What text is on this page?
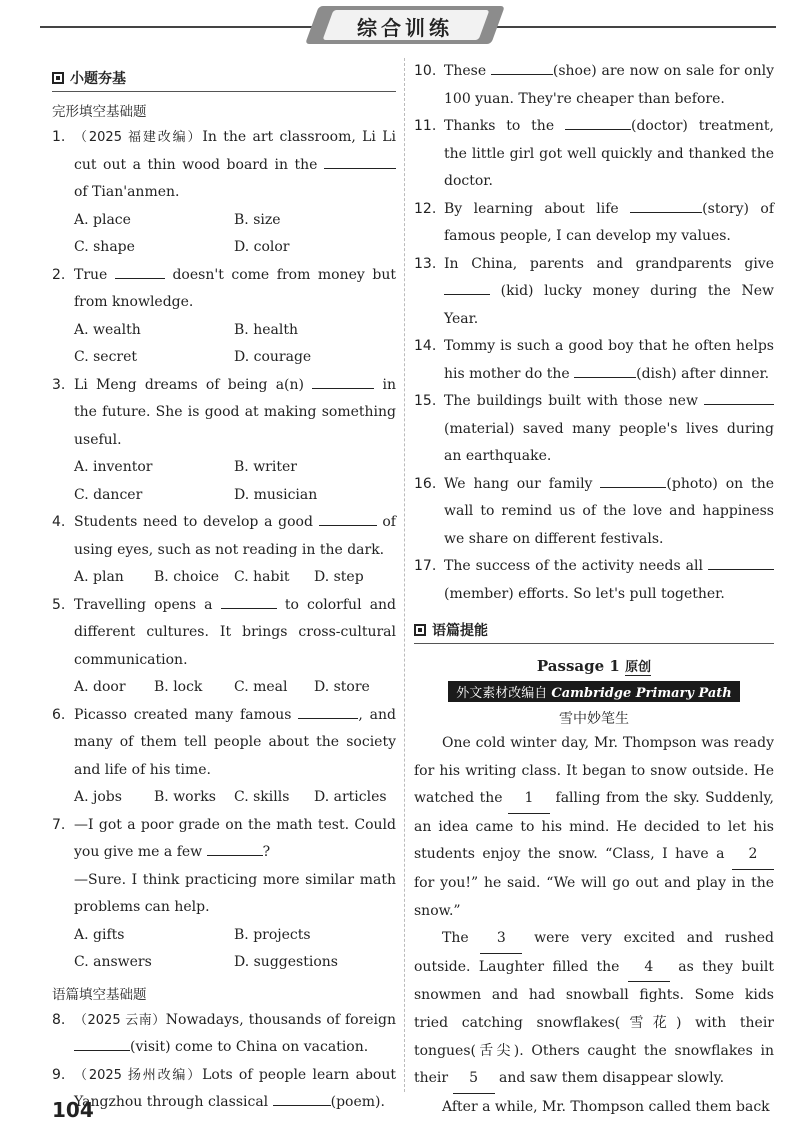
综合训练
小题夯基
完形填空基础题
1. （2025 福建改编）In the art classroom, Li Li cut out a thin wood board in the  of Tian'anmen.
A. place	B. size
C. shape	D. color
2. True	doesn't come from money but from knowledge.
A. wealth	B. health
C. secret	D. courage
3. Li Meng dreams of being a(n)	in the future. She is good at making something useful.
A. inventor	B. writer
C. dancer	D. musician
4. Students need to develop a good	of using eyes, such as not reading in the dark.
A. plan	B. choice	C. habit	D. step
5. Travelling opens a	to colorful and different cultures. It brings cross-cultural communication.
A. door	B. lock	C. meal	D. store
6. Picasso created many famous	, and many of them tell people about the society and life of his time.
A. jobs	B. works	C. skills	D. articles
7. —I got a poor grade on the math test. Could you give me a few	?
—Sure. I think practicing more similar math problems can help.
A. gifts	B. projects
C. answers	D. suggestions
语篇填空基础题
8. （2025 云南）Nowadays, thousands of foreign (visit) come to China on vacation.
9. （2025 扬州改编）Lots of people learn about Yangzhou through classical	(poem).
10. These	(shoe) are now on sale for only 100 yuan. They're cheaper than before.
11. Thanks to the	(doctor) treatment, the little girl got well quickly and thanked the doctor.
12. By learning about life	(story) of famous people, I can develop my values.
13. In China, parents and grandparents give  (kid) lucky money during the New Year.
14. Tommy is such a good boy that he often helps his mother do the	(dish) after dinner.
15. The buildings built with those new  (material) saved many people's lives during an earthquake.
16. We hang our family	(photo) on the wall to remind us of the love and happiness we share on different festivals.
17. The success of the activity needs all  (member) efforts. So let's pull together.
语篇提能
Passage 1 原创
外文素材改编自 Cambridge Primary Path
雪中妙笔生
One cold winter day, Mr. Thompson was ready for his writing class. It began to snow outside. He watched the 1 falling from the sky. Suddenly, an idea came to his mind. He decided to let his students enjoy the snow. “Class, I have a 2 for you!” he said. “We will go out and play in the snow.”
The 3 were very excited and rushed outside. Laughter filled the 4 as they built snowmen and had snowball fights. Some kids tried catching snowflakes(雪花) with their tongues(舌尖). Others caught the snowflakes in their 5 and saw them disappear slowly.
After a while, Mr. Thompson called them back
104
